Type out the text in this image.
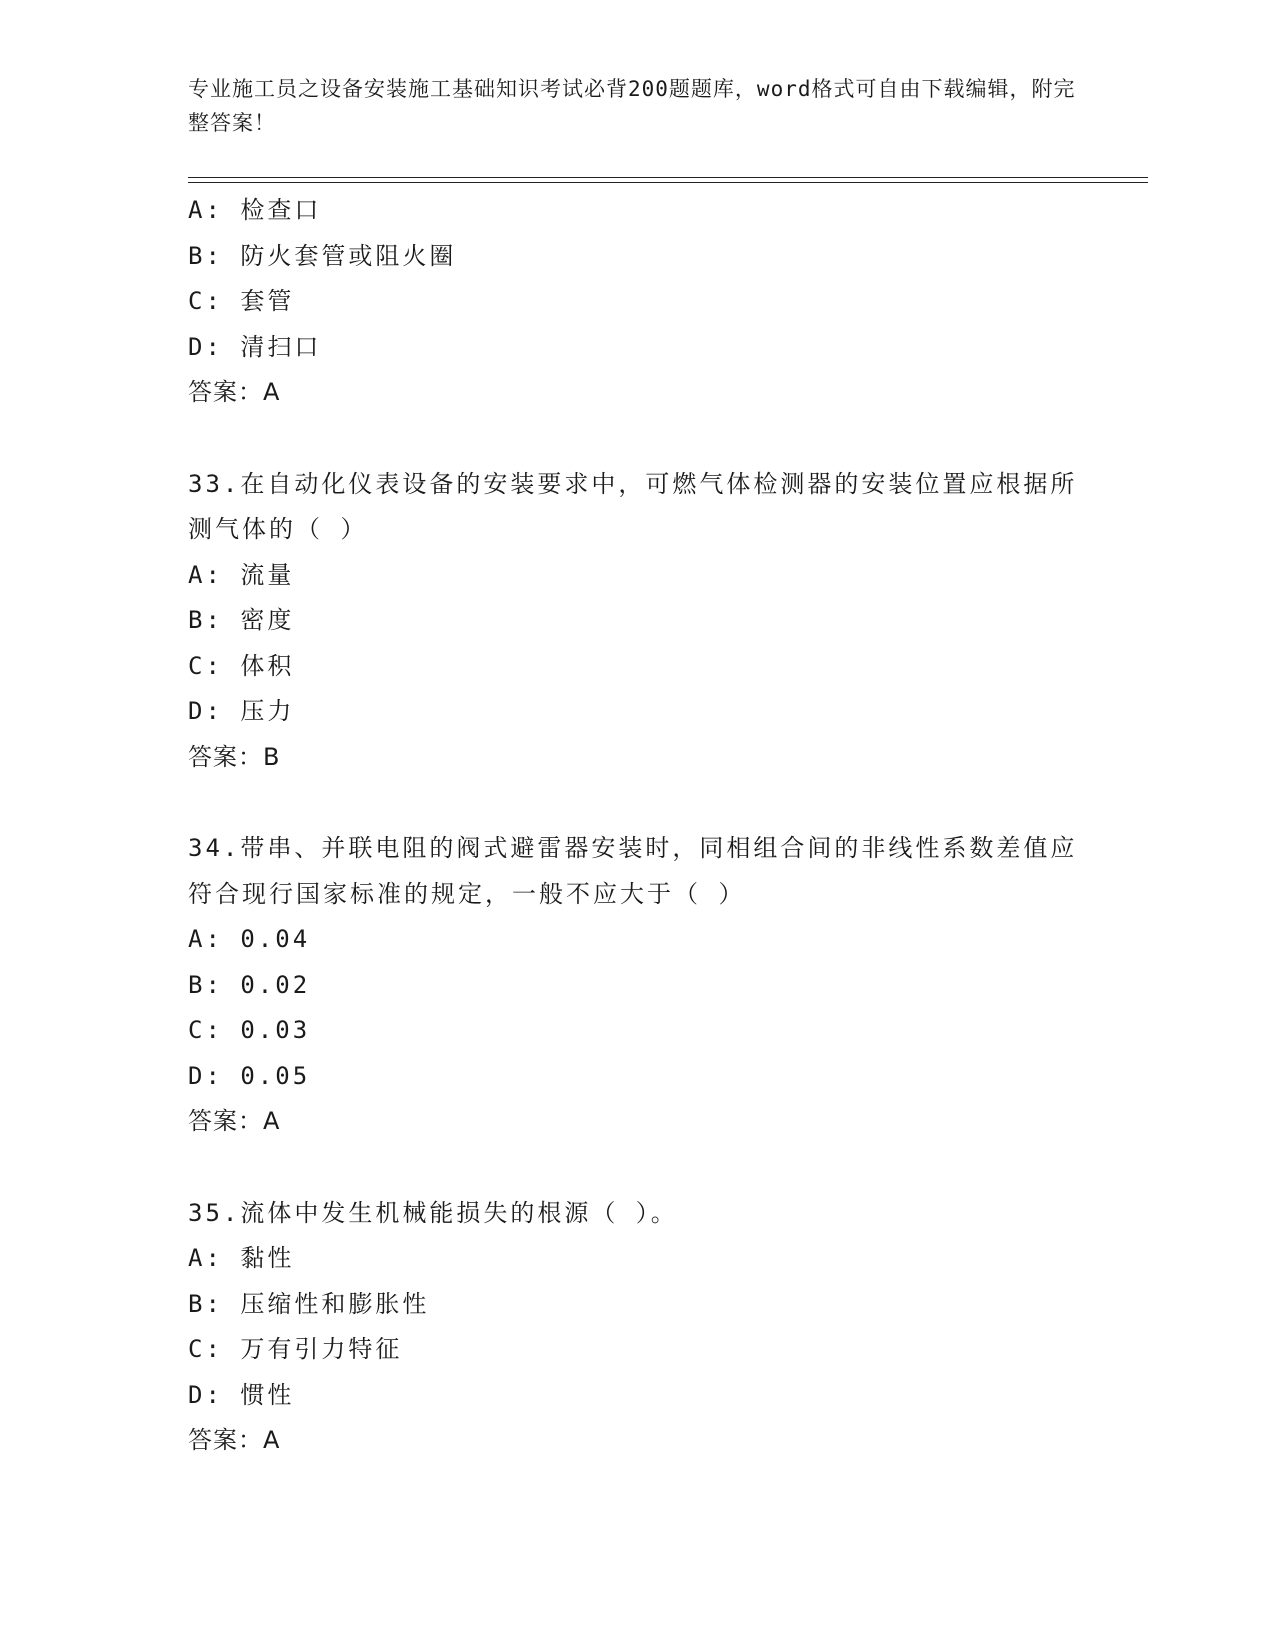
专业施工员之设备安装施工基础知识考试必背200题题库，word格式可自由下载编辑，附完整答案！
A: 检查口
B: 防火套管或阻火圈
C: 套管
D: 清扫口
答案：A
33.在自动化仪表设备的安装要求中，可燃气体检测器的安装位置应根据所测气体的（ ）
A: 流量
B: 密度
C: 体积
D: 压力
答案：B
34.带串、并联电阻的阀式避雷器安装时，同相组合间的非线性系数差值应符合现行国家标准的规定，一般不应大于（ ）
A: 0.04
B: 0.02
C: 0.03
D: 0.05
答案：A
35.流体中发生机械能损失的根源（ ）。
A: 黏性
B: 压缩性和膨胀性
C: 万有引力特征
D: 惯性
答案：A
